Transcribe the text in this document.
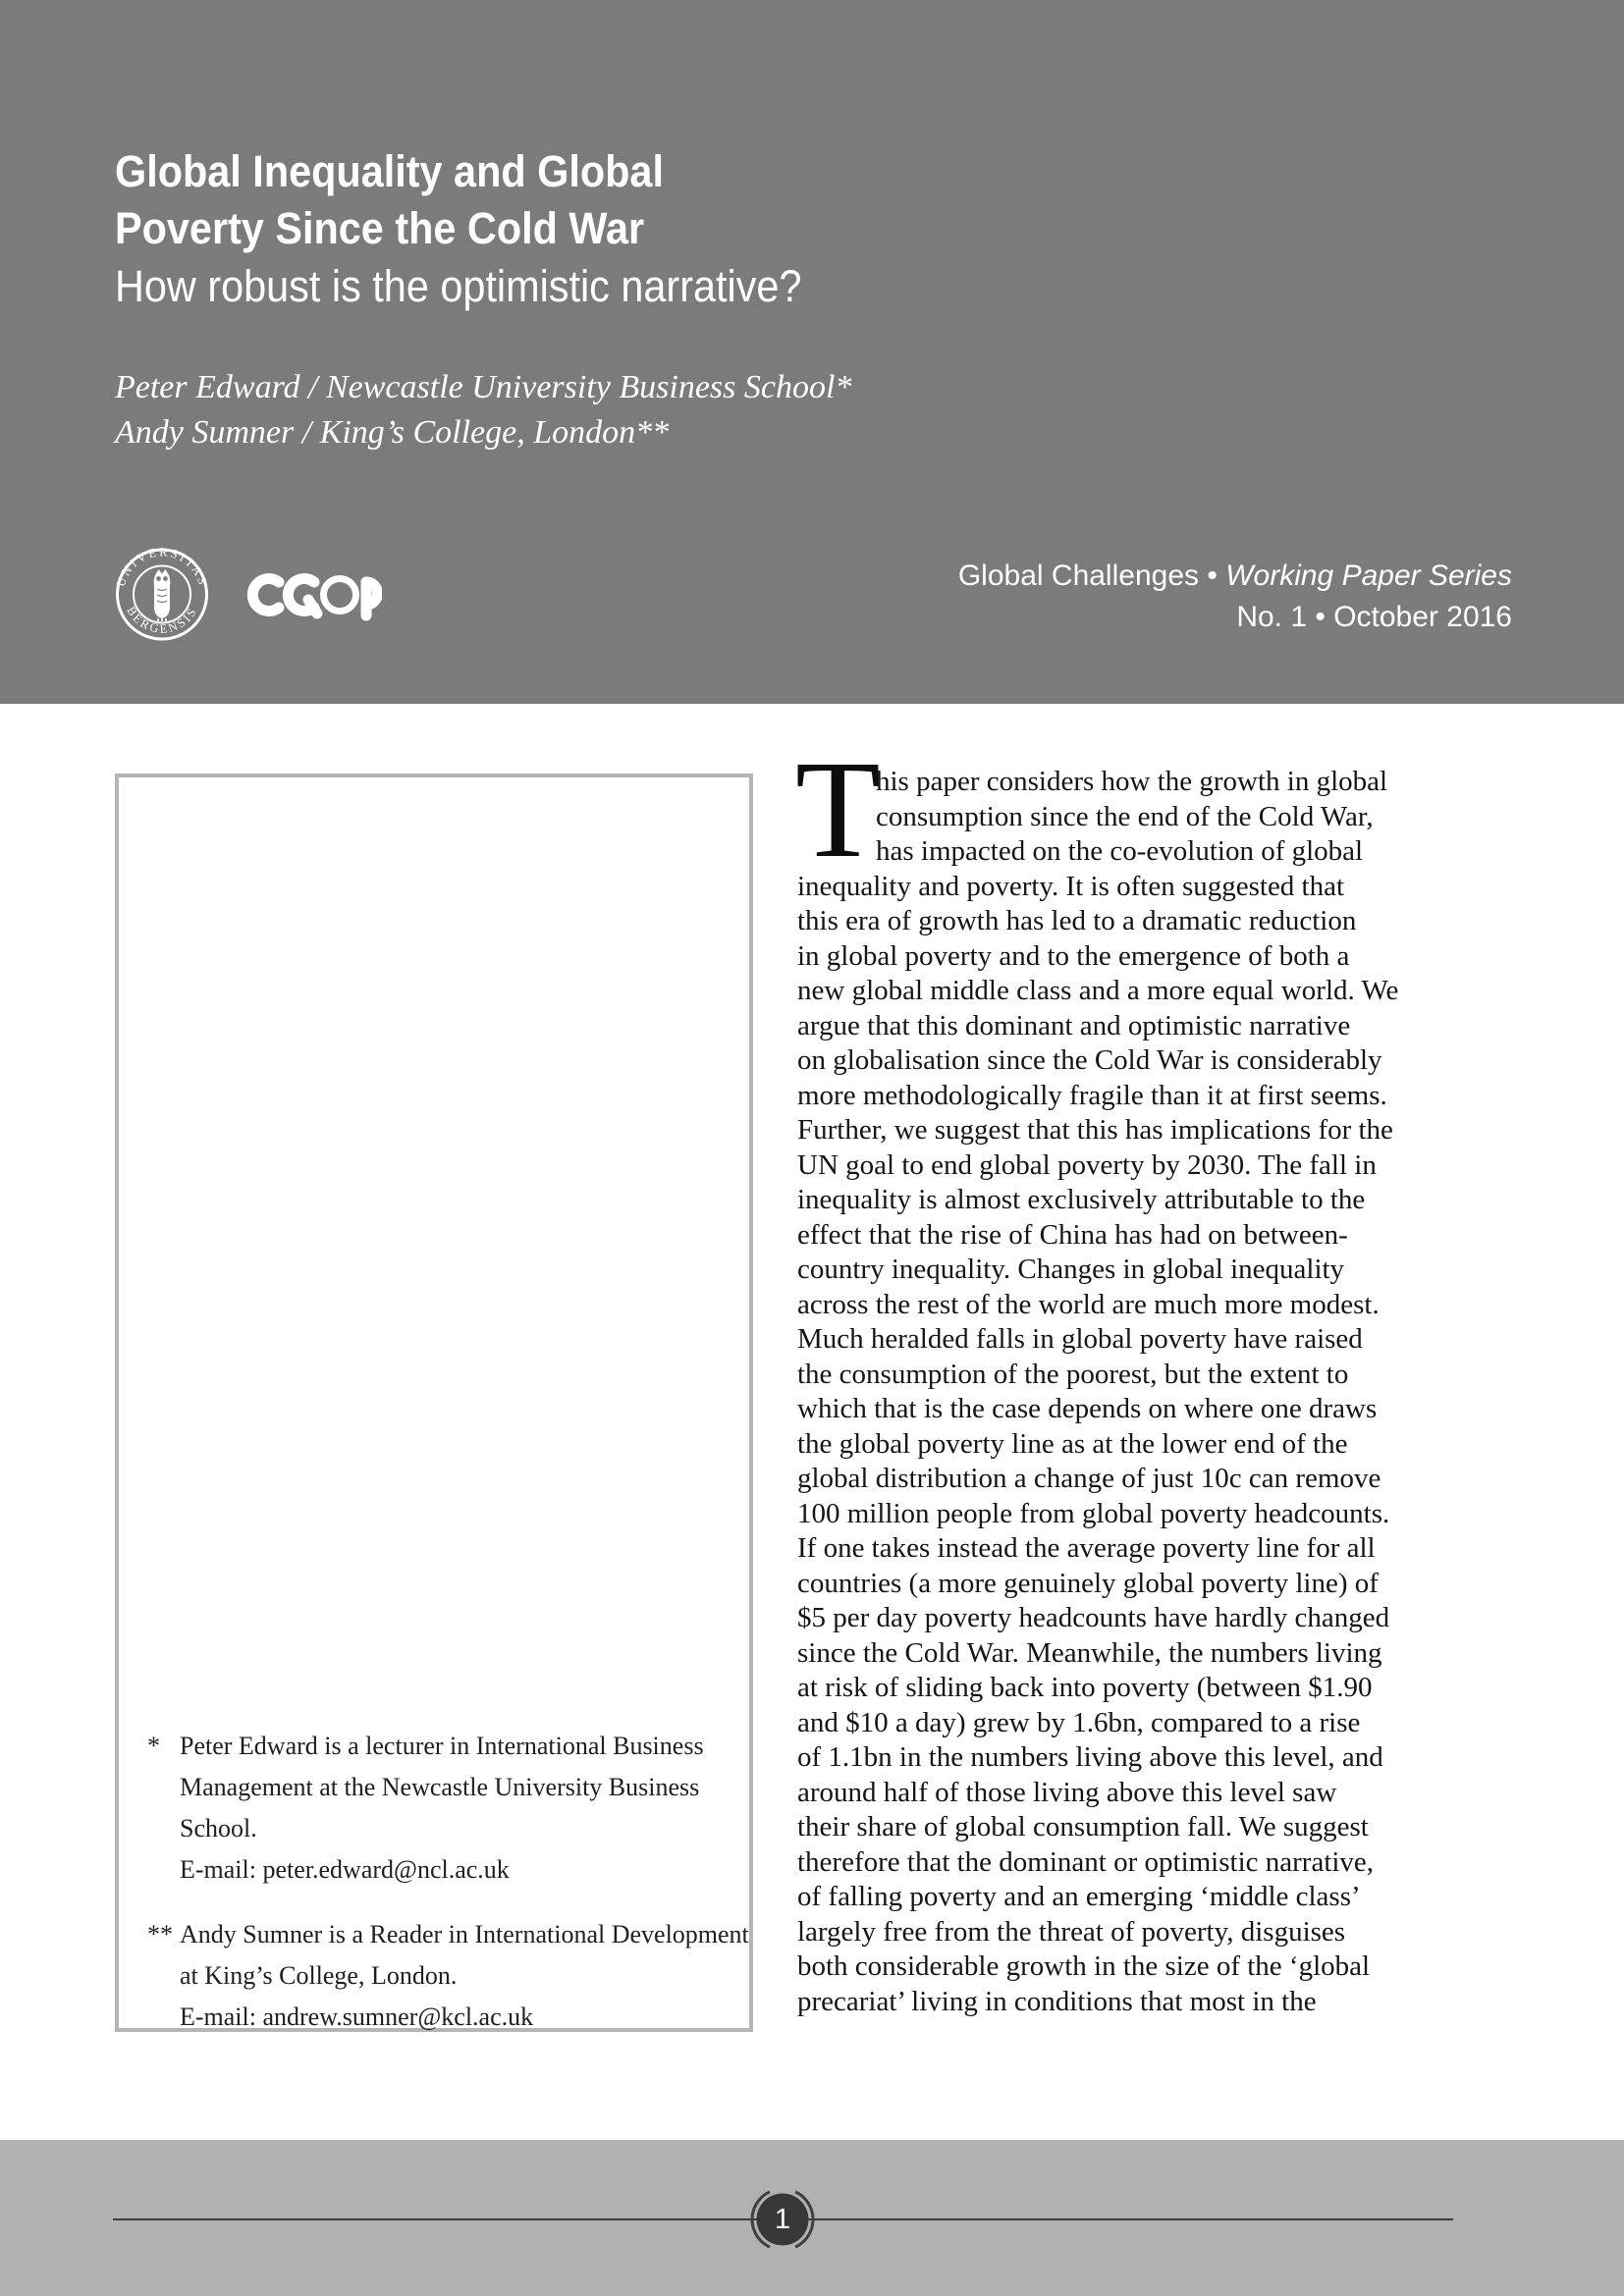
Global Inequality and Global
Poverty Since the Cold War
How robust is the optimistic narrative?
Peter Edward / Newcastle University Business School*
Andy Sumner / King’s College, London**
UNIVERSITAS
BERGENSIS
Global Challenges • Working Paper Series
No. 1 • October 2016
* Peter Edward is a lecturer in International Business
Management at the Newcastle University Business
School.
E-mail: peter.edward@ncl.ac.uk
** Andy Sumner is a Reader in International Development
at King’s College, London.
E-mail: andrew.sumner@kcl.ac.uk
T
his paper considers how the growth in global
consumption since the end of the Cold War,
has impacted on the co-evolution of global
inequality and poverty. It is often suggested that
this era of growth has led to a dramatic reduction
in global poverty and to the emergence of both a
new global middle class and a more equal world. We
argue that this dominant and optimistic narrative
on globalisation since the Cold War is considerably
more methodologically fragile than it at first seems.
Further, we suggest that this has implications for the
UN goal to end global poverty by 2030. The fall in
inequality is almost exclusively attributable to the
effect that the rise of China has had on between-
country inequality. Changes in global inequality
across the rest of the world are much more modest.
Much heralded falls in global poverty have raised
the consumption of the poorest, but the extent to
which that is the case depends on where one draws
the global poverty line as at the lower end of the
global distribution a change of just 10c can remove
100 million people from global poverty headcounts.
If one takes instead the average poverty line for all
countries (a more genuinely global poverty line) of
$5 per day poverty headcounts have hardly changed
since the Cold War. Meanwhile, the numbers living
at risk of sliding back into poverty (between $1.90
and $10 a day) grew by 1.6bn, compared to a rise
of 1.1bn in the numbers living above this level, and
around half of those living above this level saw
their share of global consumption fall. We suggest
therefore that the dominant or optimistic narrative,
of falling poverty and an emerging ‘middle class’
largely free from the threat of poverty, disguises
both considerable growth in the size of the ‘global
precariat’ living in conditions that most in the
1
